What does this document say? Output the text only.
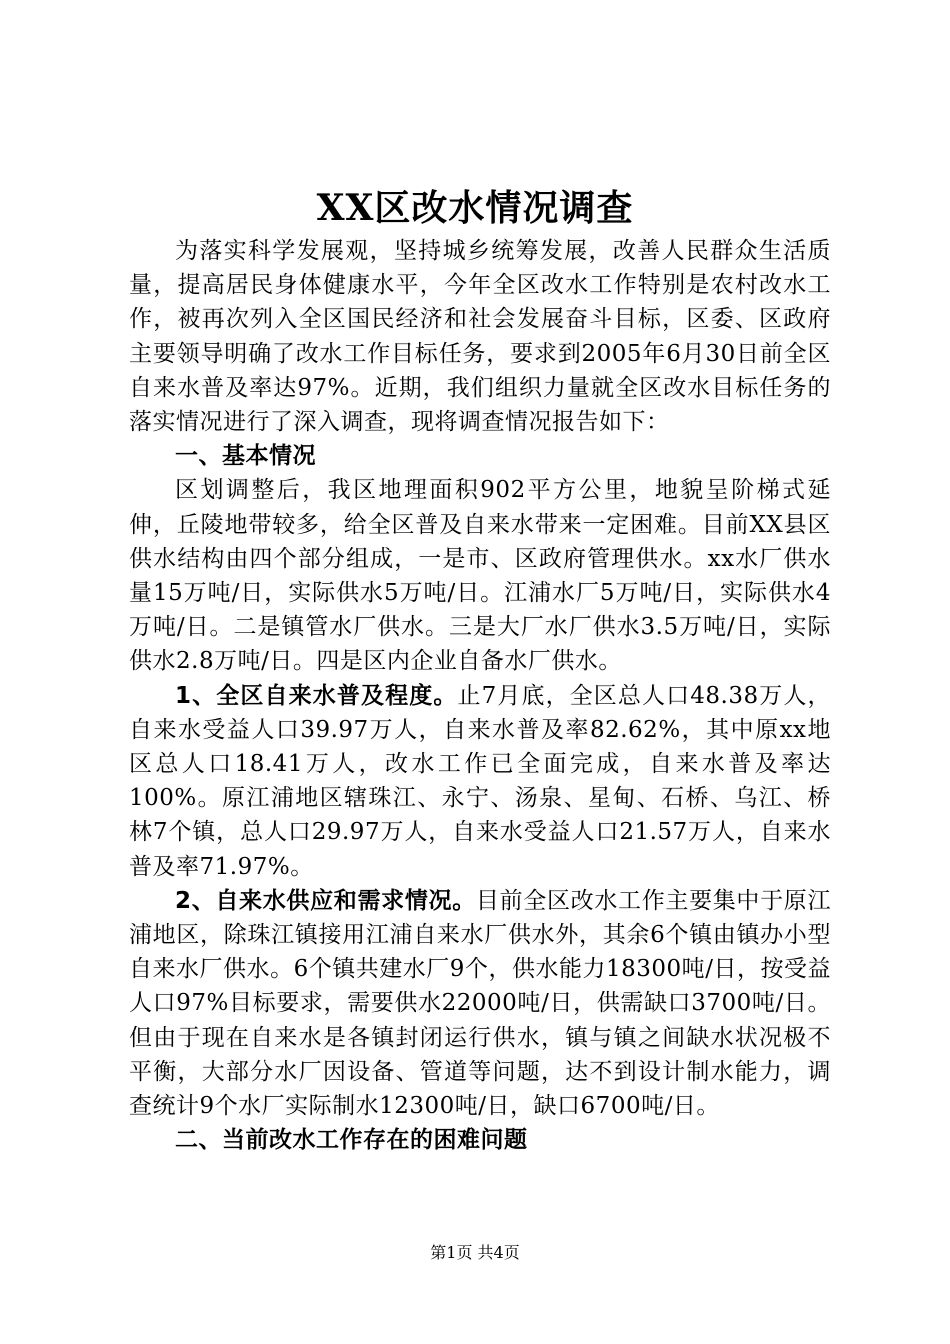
XX区改水情况调查

为落实科学发展观，坚持城乡统筹发展，改善人民群众生活质量，提高居民身体健康水平，今年全区改水工作特别是农村改水工作，被再次列入全区国民经济和社会发展奋斗目标，区委、区政府主要领导明确了改水工作目标任务，要求到2005年6月30日前全区自来水普及率达97%。近期，我们组织力量就全区改水目标任务的落实情况进行了深入调查，现将调查情况报告如下：

一、基本情况

区划调整后，我区地理面积902平方公里，地貌呈阶梯式延伸，丘陵地带较多，给全区普及自来水带来一定困难。目前XX县区供水结构由四个部分组成，一是市、区政府管理供水。xx水厂供水量15万吨/日，实际供水5万吨/日。江浦水厂5万吨/日，实际供水4万吨/日。二是镇管水厂供水。三是大厂水厂供水3.5万吨/日，实际供水2.8万吨/日。四是区内企业自备水厂供水。

1、全区自来水普及程度。止7月底，全区总人口48.38万人，自来水受益人口39.97万人，自来水普及率82.62%，其中原xx地区总人口18.41万人，改水工作已全面完成，自来水普及率达100%。原江浦地区辖珠江、永宁、汤泉、星甸、石桥、乌江、桥林7个镇，总人口29.97万人，自来水受益人口21.57万人，自来水普及率71.97%。

2、自来水供应和需求情况。目前全区改水工作主要集中于原江浦地区，除珠江镇接用江浦自来水厂供水外，其余6个镇由镇办小型自来水厂供水。6个镇共建水厂9个，供水能力18300吨/日，按受益人口97%目标要求，需要供水22000吨/日，供需缺口3700吨/日。但由于现在自来水是各镇封闭运行供水，镇与镇之间缺水状况极不平衡，大部分水厂因设备、管道等问题，达不到设计制水能力，调查统计9个水厂实际制水12300吨/日，缺口6700吨/日。

二、当前改水工作存在的困难问题
第1页 共4页
